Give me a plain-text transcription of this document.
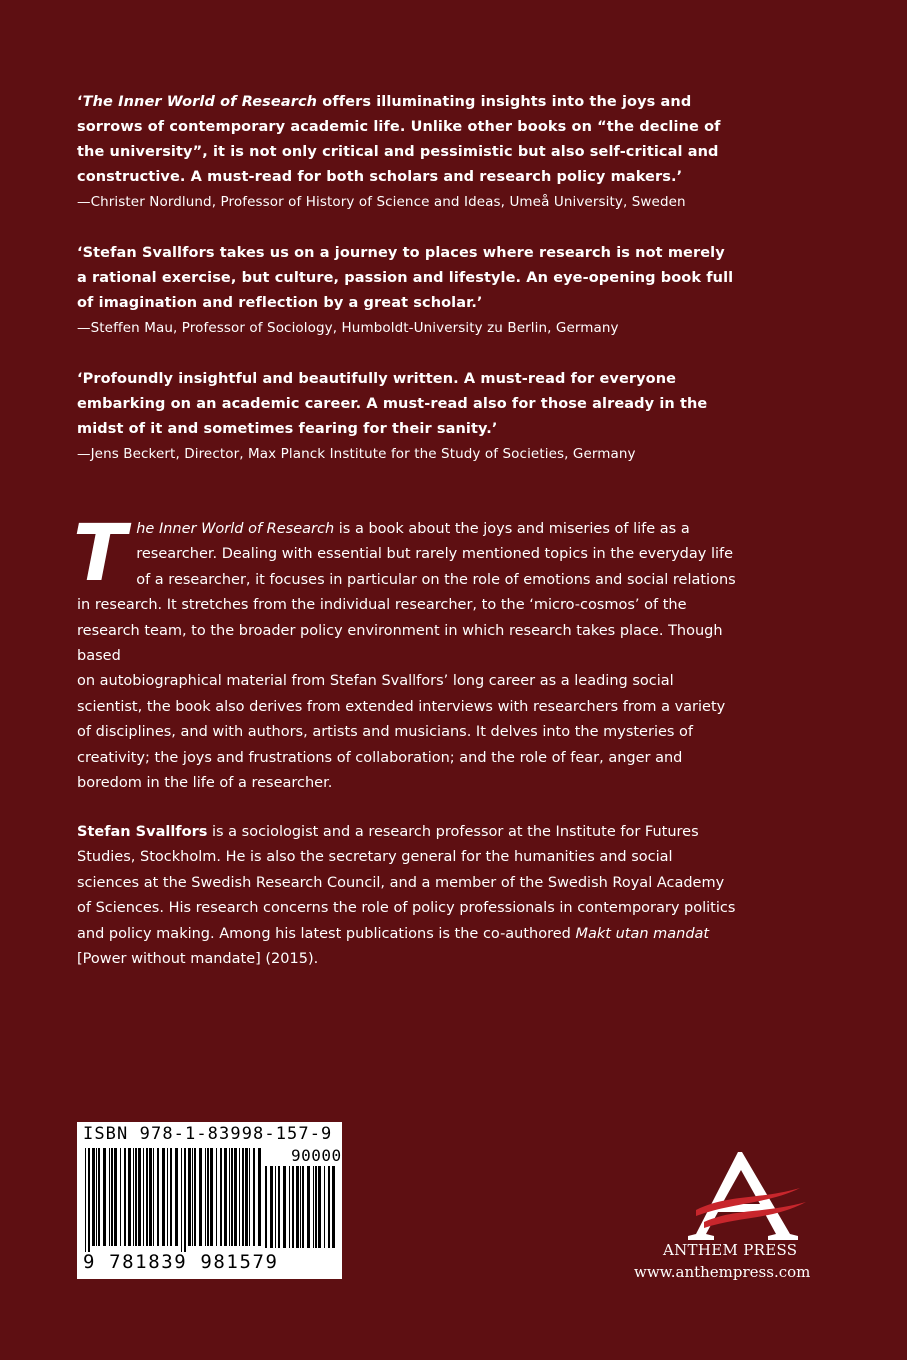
‘The Inner World of Research offers illuminating insights into the joys and sorrows of contemporary academic life. Unlike other books on “the decline of the university”, it is not only critical and pessimistic but also self-critical and constructive. A must-read for both scholars and research policy makers.’

—Christer Nordlund, Professor of History of Science and Ideas, Umeå University, Sweden

‘Stefan Svallfors takes us on a journey to places where research is not merely a rational exercise, but culture, passion and lifestyle. An eye-opening book full of imagination and reflection by a great scholar.’

—Steffen Mau, Professor of Sociology, Humboldt-University zu Berlin, Germany

‘Profoundly insightful and beautifully written. A must-read for everyone embarking on an academic career. A must-read also for those already in the midst of it and sometimes fearing for their sanity.’

—Jens Beckert, Director, Max Planck Institute for the Study of Societies, Germany

The Inner World of Research is a book about the joys and miseries of life as a researcher. Dealing with essential but rarely mentioned topics in the everyday life of a researcher, it focuses in particular on the role of emotions and social relations in research. It stretches from the individual researcher, to the ‘micro-cosmos’ of the research team, to the broader policy environment in which research takes place. Though based

on autobiographical material from Stefan Svallfors’ long career as a leading social scientist, the book also derives from extended interviews with researchers from a variety of disciplines, and with authors, artists and musicians. It delves into the mysteries of creativity; the joys and frustrations of collaboration; and the role of fear, anger and boredom in the life of a researcher.

Stefan Svallfors is a sociologist and a research professor at the Institute for Futures Studies, Stockholm. He is also the secretary general for the humanities and social sciences at the Swedish Research Council, and a member of the Swedish Royal Academy of Sciences. His research concerns the role of policy professionals in contemporary politics and policy making. Among his latest publications is the co-authored Makt utan mandat [Power without mandate] (2015).

ISBN 978-1-83998-157-9
90000
9 781839 981579
ANTHEM PRESS
www.anthempress.com
